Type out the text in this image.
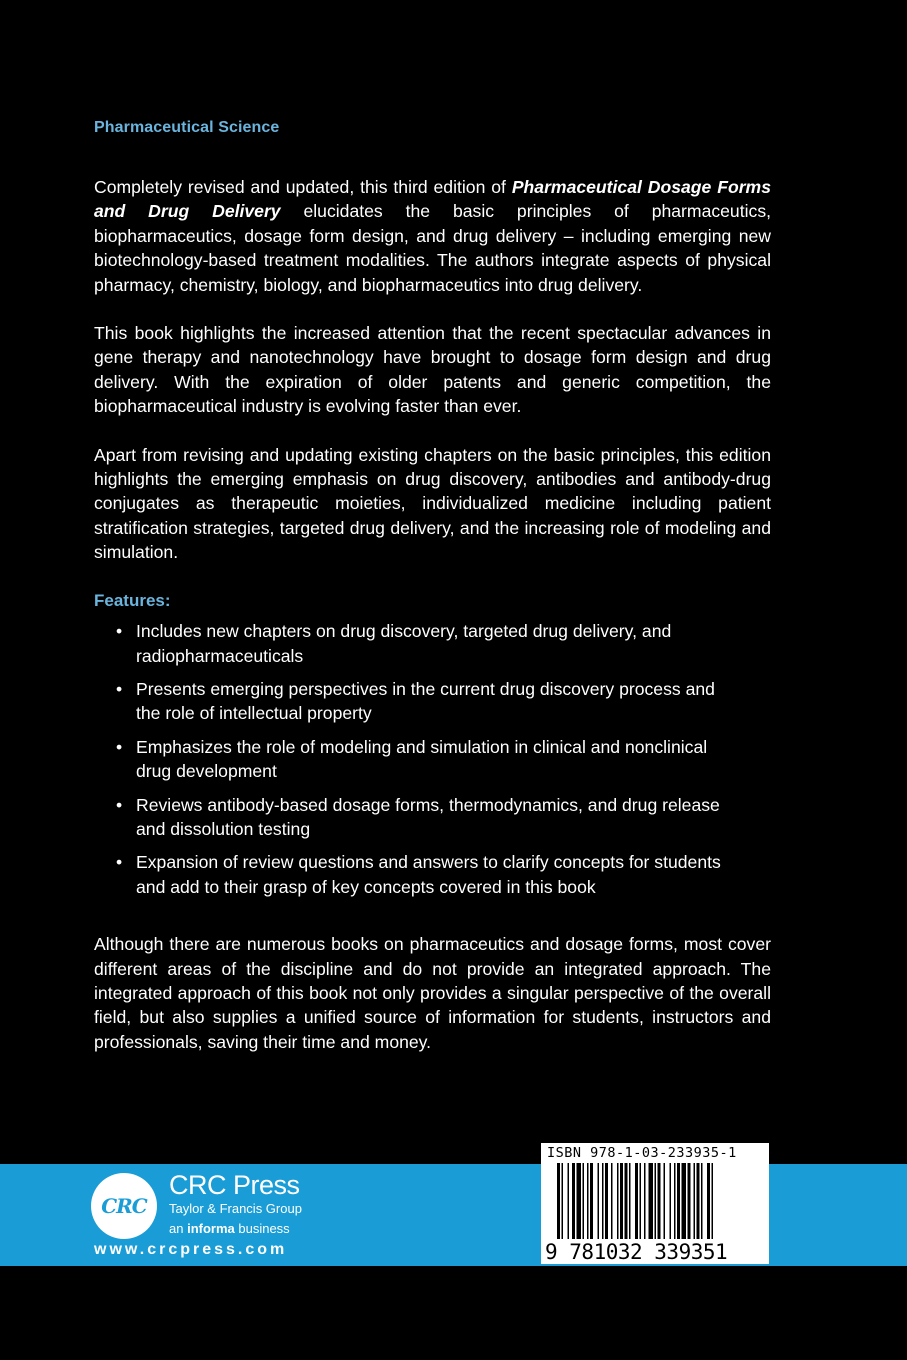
Pharmaceutical Science

Completely revised and updated, this third edition of Pharmaceutical Dosage Forms and Drug Delivery elucidates the basic principles of pharmaceutics, biopharmaceutics, dosage form design, and drug delivery – including emerging new biotechnology-based treatment modalities. The authors integrate aspects of physical pharmacy, chemistry, biology, and biopharmaceutics into drug delivery.

This book highlights the increased attention that the recent spectacular advances in gene therapy and nanotechnology have brought to dosage form design and drug delivery. With the expiration of older patents and generic competition, the biopharmaceutical industry is evolving faster than ever.

Apart from revising and updating existing chapters on the basic principles, this edition highlights the emerging emphasis on drug discovery, antibodies and antibody-drug conjugates as therapeutic moieties, individualized medicine including patient stratification strategies, targeted drug delivery, and the increasing role of modeling and simulation.

Features:
• Includes new chapters on drug discovery, targeted drug delivery, and radiopharmaceuticals
• Presents emerging perspectives in the current drug discovery process and the role of intellectual property
• Emphasizes the role of modeling and simulation in clinical and nonclinical drug development
• Reviews antibody-based dosage forms, thermodynamics, and drug release and dissolution testing
• Expansion of review questions and answers to clarify concepts for students and add to their grasp of key concepts covered in this book

Although there are numerous books on pharmaceutics and dosage forms, most cover different areas of the discipline and do not provide an integrated approach. The integrated approach of this book not only provides a singular perspective of the overall field, but also supplies a unified source of information for students, instructors and professionals, saving their time and money.

CRC
CRC Press
Taylor & Francis Group
an informa business
www.crcpress.com
ISBN 978-1-03-233935-1
9 781032 339351
